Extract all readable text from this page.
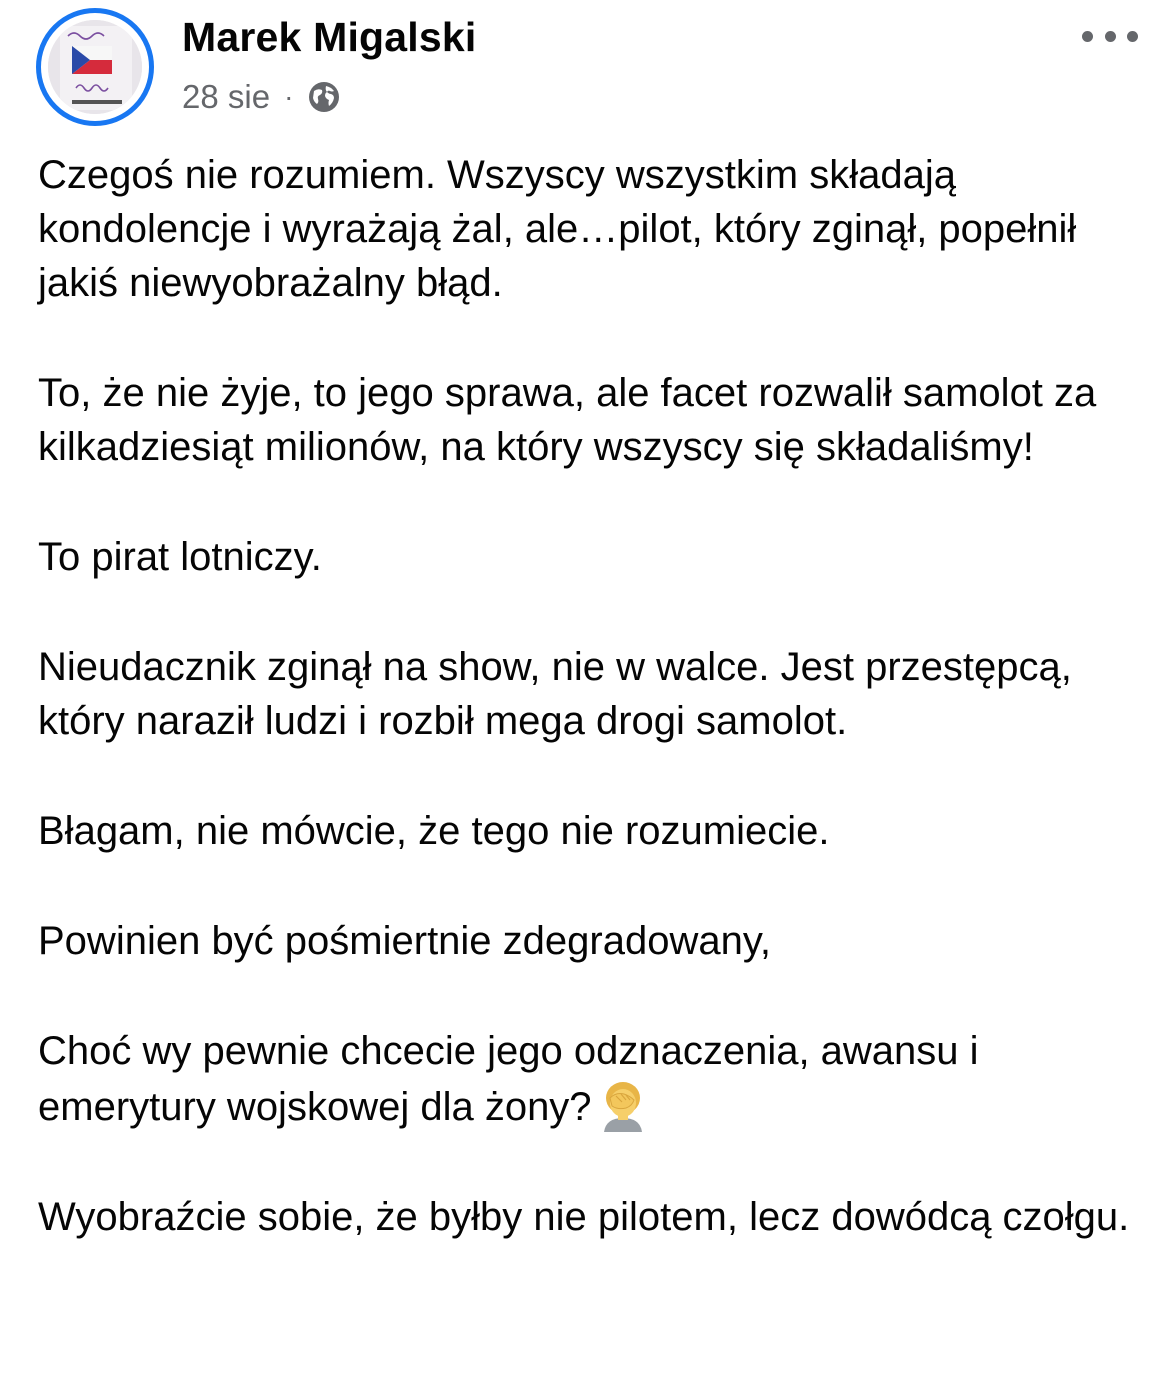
Marek Migalski
28 sie ·

Czegoś nie rozumiem. Wszyscy wszystkim składają kondolencje i wyrażają żal, ale…pilot, który zginął, popełnił jakiś niewyobrażalny błąd.

To, że nie żyje, to jego sprawa, ale facet rozwalił samolot za kilkadziesiąt milionów, na który wszyscy się składaliśmy!

To pirat lotniczy.

Nieudacznik zginął na show, nie w walce. Jest przestępcą, który naraził ludzi i rozbił mega drogi samolot.

Błagam, nie mówcie, że tego nie rozumiecie.

Powinien być pośmiertnie zdegradowany,

Choć wy pewnie chcecie jego odznaczenia, awansu i emerytury wojskowej dla żony?

Wyobraźcie sobie, że byłby nie pilotem, lecz dowódcą czołgu.
